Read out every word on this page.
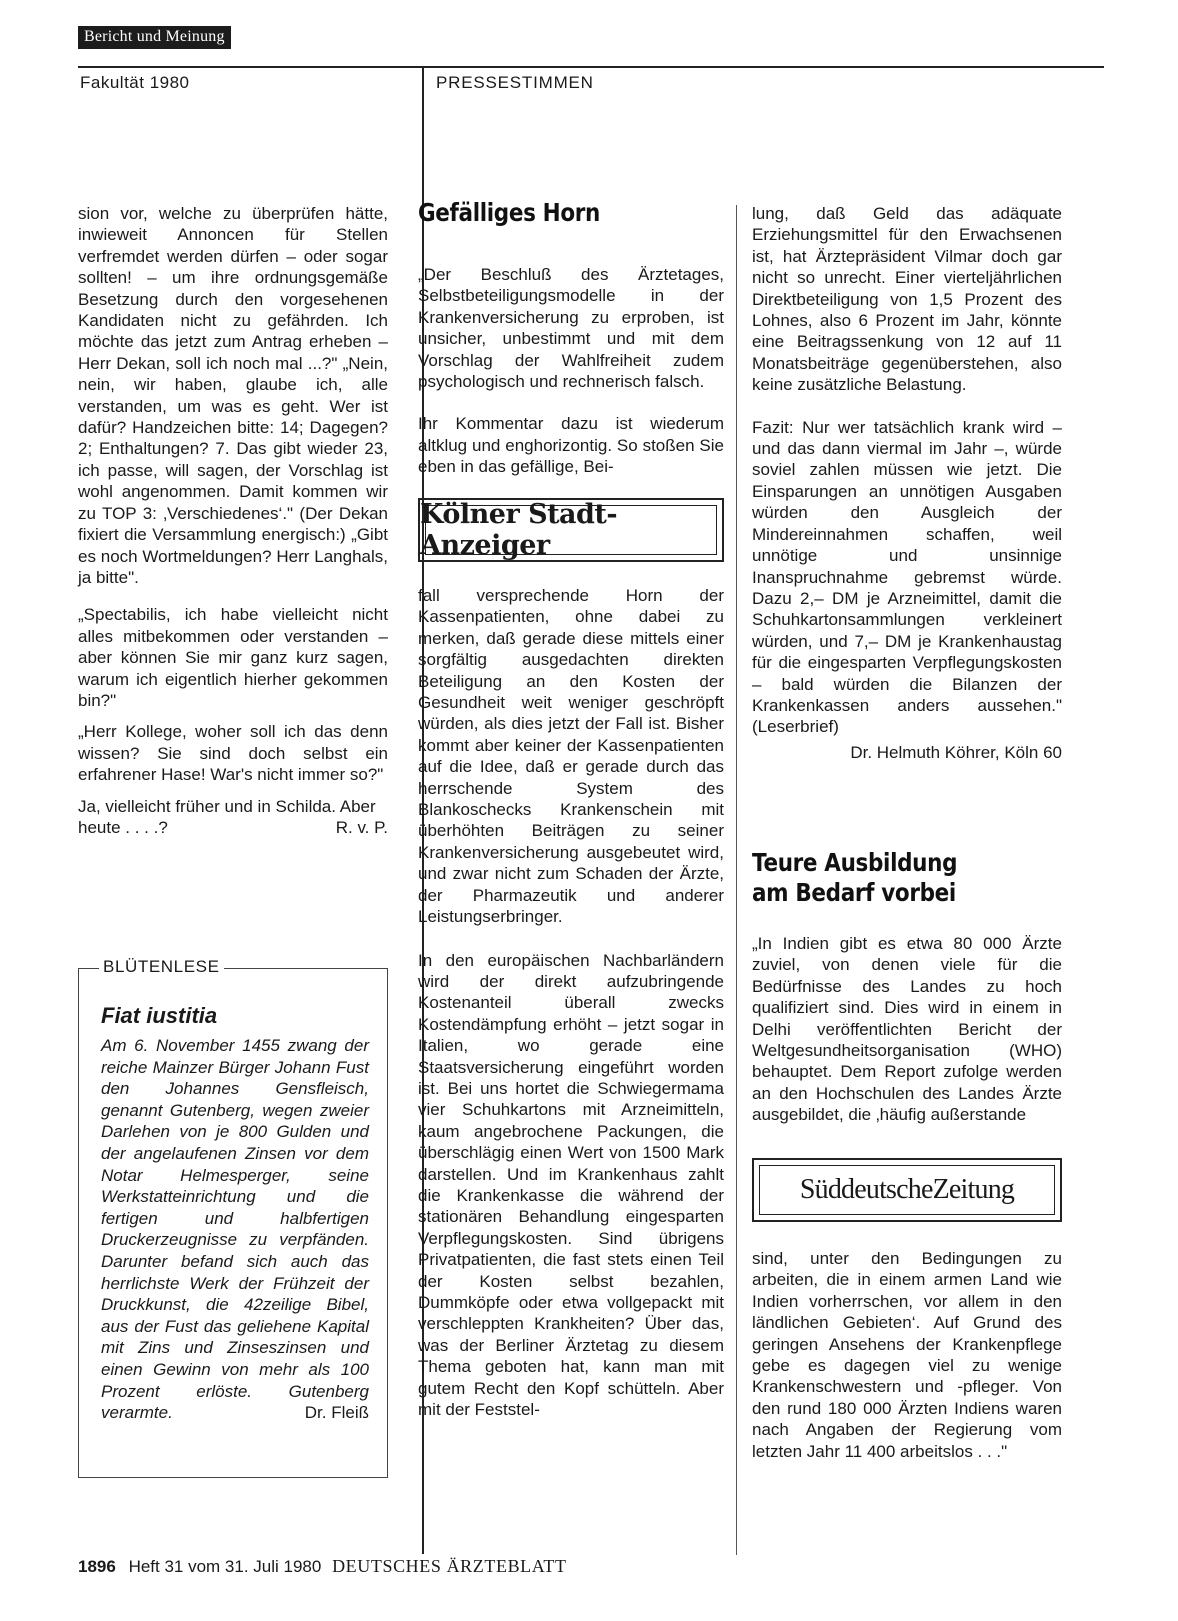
Bericht und Meinung
Fakultät 1980	PRESSESTIMMEN

sion vor, welche zu überprüfen hätte, inwieweit Annoncen für Stellen verfremdet werden dürfen – oder sogar sollten! – um ihre ordnungsgemäße Besetzung durch den vorgesehenen Kandidaten nicht zu gefährden. Ich möchte das jetzt zum Antrag erheben – Herr Dekan, soll ich noch mal ...?" „Nein, nein, wir haben, glaube ich, alle verstanden, um was es geht. Wer ist dafür? Handzeichen bitte: 14; Dagegen? 2; Enthaltungen? 7. Das gibt wieder 23, ich passe, will sagen, der Vorschlag ist wohl angenommen. Damit kommen wir zu TOP 3: ‚Verschiedenes‘." (Der Dekan fixiert die Versammlung energisch:) „Gibt es noch Wortmeldungen? Herr Langhals, ja bitte".

„Spectabilis, ich habe vielleicht nicht alles mitbekommen oder verstanden – aber können Sie mir ganz kurz sagen, warum ich eigentlich hierher gekommen bin?"

„Herr Kollege, woher soll ich das denn wissen? Sie sind doch selbst ein erfahrener Hase! War's nicht immer so?"

Ja, vielleicht früher und in Schilda. Aber heute . . . .?	R. v. P.
BLÜTENLESE
Fiat iustitia
Am 6. November 1455 zwang der reiche Mainzer Bürger Johann Fust den Johannes Gensfleisch, genannt Gutenberg, wegen zweier Darlehen von je 800 Gulden und der angelaufenen Zinsen vor dem Notar Helmesperger, seine Werkstatteinrichtung und die fertigen und halbfertigen Druckerzeugnisse zu verpfänden. Darunter befand sich auch das herrlichste Werk der Frühzeit der Druckkunst, die 42zeilige Bibel, aus der Fust das geliehene Kapital mit Zins und Zinseszinsen und einen Gewinn von mehr als 100 Prozent erlöste. Gutenberg verarmte.	Dr. Fleiß
Gefälliges Horn

„Der Beschluß des Ärztetages, Selbstbeteiligungsmodelle in der Krankenversicherung zu erproben, ist unsicher, unbestimmt und mit dem Vorschlag der Wahlfreiheit zudem psychologisch und rechnerisch falsch.

Ihr Kommentar dazu ist wiederum altklug und enghorizontig. So stoßen Sie eben in das gefällige, Bei-

Kölner Stadt-Anzeiger

fall versprechende Horn der Kassenpatienten, ohne dabei zu merken, daß gerade diese mittels einer sorgfältig ausgedachten direkten Beteiligung an den Kosten der Gesundheit weit weniger geschröpft würden, als dies jetzt der Fall ist. Bisher kommt aber keiner der Kassenpatienten auf die Idee, daß er gerade durch das herrschende System des Blankoschecks Krankenschein mit überhöhten Beiträgen zu seiner Krankenversicherung ausgebeutet wird, und zwar nicht zum Schaden der Ärzte, der Pharmazeutik und anderer Leistungserbringer.

In den europäischen Nachbarländern wird der direkt aufzubringende Kostenanteil überall zwecks Kostendämpfung erhöht – jetzt sogar in Italien, wo gerade eine Staatsversicherung eingeführt worden ist. Bei uns hortet die Schwiegermama vier Schuhkartons mit Arzneimitteln, kaum angebrochene Packungen, die überschlägig einen Wert von 1500 Mark darstellen. Und im Krankenhaus zahlt die Krankenkasse die während der stationären Behandlung eingesparten Verpflegungskosten. Sind übrigens Privatpatienten, die fast stets einen Teil der Kosten selbst bezahlen, Dummköpfe oder etwa vollgepackt mit verschleppten Krankheiten? Über das, was der Berliner Ärztetag zu diesem Thema geboten hat, kann man mit gutem Recht den Kopf schütteln. Aber mit der Feststel-

lung, daß Geld das adäquate Erziehungsmittel für den Erwachsenen ist, hat Ärztepräsident Vilmar doch gar nicht so unrecht. Einer vierteljährlichen Direktbeteiligung von 1,5 Prozent des Lohnes, also 6 Prozent im Jahr, könnte eine Beitragssenkung von 12 auf 11 Monatsbeiträge gegenüberstehen, also keine zusätzliche Belastung.

Fazit: Nur wer tatsächlich krank wird – und das dann viermal im Jahr –, würde soviel zahlen müssen wie jetzt. Die Einsparungen an unnötigen Ausgaben würden den Ausgleich der Mindereinnahmen schaffen, weil unnötige und unsinnige Inanspruchnahme gebremst würde. Dazu 2,– DM je Arzneimittel, damit die Schuhkartonsammlungen verkleinert würden, und 7,– DM je Krankenhaustag für die eingesparten Verpflegungskosten – bald würden die Bilanzen der Krankenkassen anders aussehen." (Leserbrief)

Dr. Helmuth Köhrer, Köln 60
Teure Ausbildung
am Bedarf vorbei

„In Indien gibt es etwa 80 000 Ärzte zuviel, von denen viele für die Bedürfnisse des Landes zu hoch qualifiziert sind. Dies wird in einem in Delhi veröffentlichten Bericht der Weltgesundheitsorganisation (WHO) behauptet. Dem Report zufolge werden an den Hochschulen des Landes Ärzte ausgebildet, die ‚häufig außerstande

SüddeutscheZeitung

sind, unter den Bedingungen zu arbeiten, die in einem armen Land wie Indien vorherrschen, vor allem in den ländlichen Gebieten‘. Auf Grund des geringen Ansehens der Krankenpflege gebe es dagegen viel zu wenige Krankenschwestern und -pfleger. Von den rund 180 000 Ärzten Indiens waren nach Angaben der Regierung vom letzten Jahr 11 400 arbeitslos . . ."

1896 Heft 31 vom 31. Juli 1980 DEUTSCHES ÄRZTEBLATT
